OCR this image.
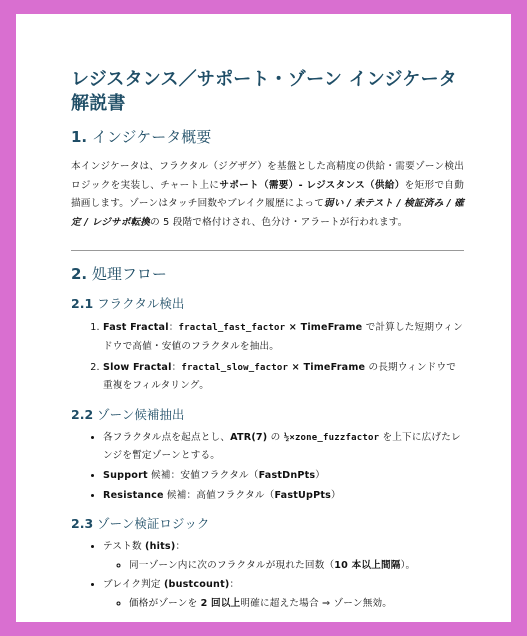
レジスタンス／サポート・ゾーン インジケータ解説書
1. インジケータ概要

本インジケータは、フラクタル（ジグザグ）を基盤とした高精度の供給・需要ゾーン検出ロジックを実装し、チャート上にサポート（需要）- レジスタンス（供給）を矩形で自動描画します。ゾーンはタッチ回数やブレイク履歴によって弱い / 未テスト / 検証済み / 確定 / レジサポ転換の 5 段階で格付けされ、色分け・アラートが行われます。

2. 処理フロー
2.1 フラクタル検出
1. Fast Fractal：fractal_fast_factor × TimeFrame で計算した短期ウィンドウで高値・安値のフラクタルを抽出。
2. Slow Fractal：fractal_slow_factor × TimeFrame の長期ウィンドウで重複をフィルタリング。
2.2 ゾーン候補抽出
• 各フラクタル点を起点とし、ATR(7) の ½×zone_fuzzfactor を上下に広げたレンジを暫定ゾーンとする。
• Support 候補：安値フラクタル（FastDnPts）
• Resistance 候補：高値フラクタル（FastUpPts）
2.3 ゾーン検証ロジック
• テスト数 (hits)：
◦ 同一ゾーン内に次のフラクタルが現れた回数（10 本以上間隔）。
• ブレイク判定 (bustcount)：
◦ 価格がゾーンを 2 回以上明確に超えた場合 ⇒ ゾーン無効。
